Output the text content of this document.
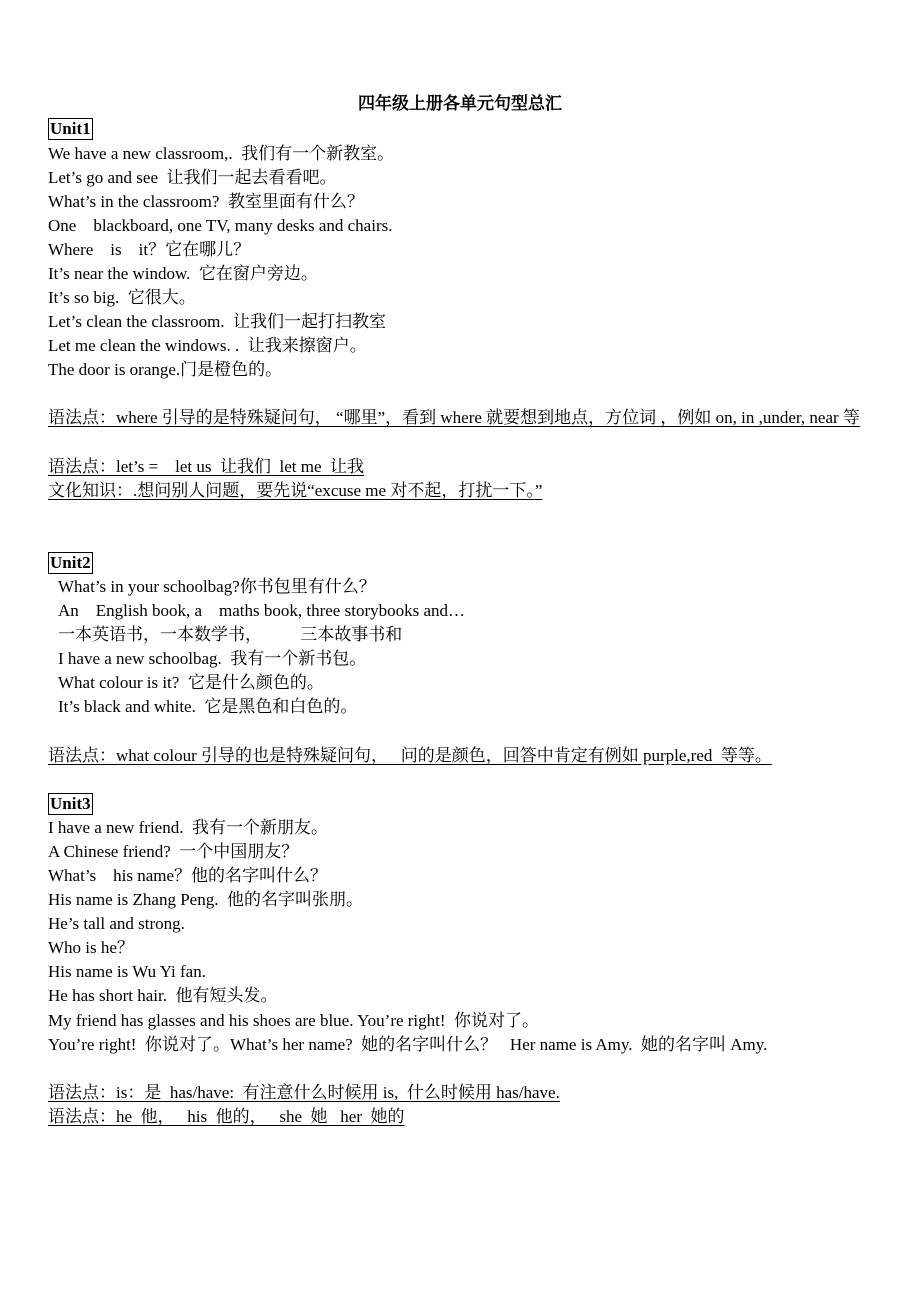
四年级上册各单元句型总汇
Unit1
We have a new classroom,.  我们有一个新教室。
Let’s go and see  让我们一起去看看吧。
What’s in the classroom?  教室里面有什么？
One    blackboard, one TV, many desks and chairs.
Where    is    it？它在哪儿？
It’s near the window.  它在窗户旁边。
It’s so big.  它很大。
Let’s clean the classroom.  让我们一起打扫教室
Let me clean the windows. .  让我来擦窗户。
The door is orange.门是橙色的。
语法点：where 引导的是特殊疑问句， “哪里”，看到 where 就要想到地点，方位词 ，例如 on, in ,under, near 等
语法点：let’s =    let us  让我们  let me  让我
文化知识：.想问别人问题，要先说“excuse me 对不起，打扰一下。”
Unit2
What’s in your schoolbag?你书包里有什么？
An    English book, a    maths book, three storybooks and…
一本英语书，一本数学书，         三本故事书和
I have a new schoolbag.  我有一个新书包。
What colour is it?  它是什么颜色的。
It’s black and white.  它是黑色和白色的。
语法点：what colour 引导的也是特殊疑问句，   问的是颜色，回答中肯定有例如 purple,red  等等。
Unit3
I have a new friend.  我有一个新朋友。
A Chinese friend?  一个中国朋友？
What’s    his name？他的名字叫什么？
His name is Zhang Peng.  他的名字叫张朋。
He’s tall and strong.
Who is he？
His name is Wu Yi fan.
He has short hair.  他有短头发。
My friend has glasses and his shoes are blue. You’re right!  你说对了。
You’re right!  你说对了。What’s her name?  她的名字叫什么？   Her name is Amy.  她的名字叫 Amy.
语法点：is：是  has/have:  有注意什么时候用 is,  什么时候用 has/have.
语法点：he  他，   his  他的，   she  她   her  她的
